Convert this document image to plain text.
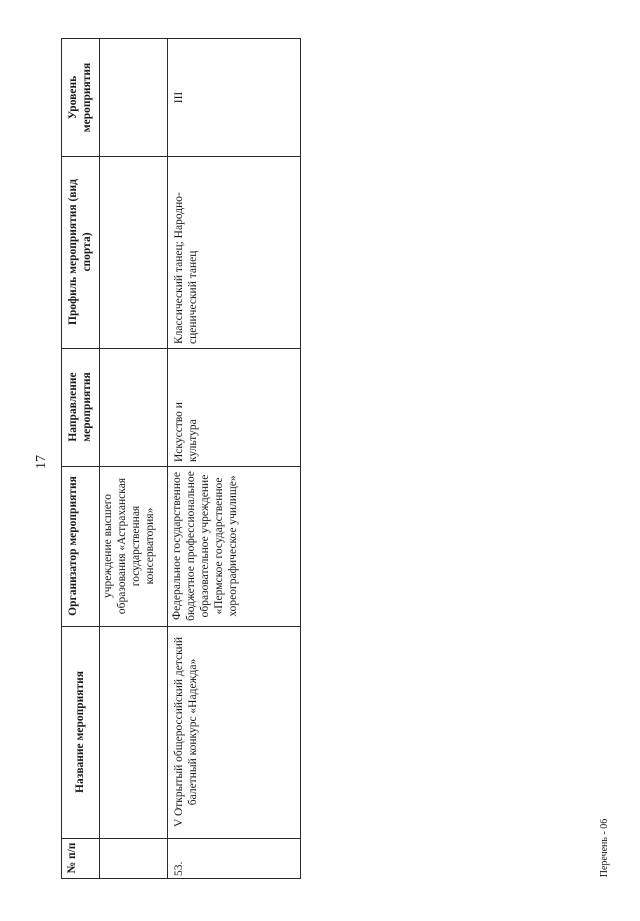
17
№ п/п
Название мероприятия
Организатор мероприятия
Направление мероприятия
Профиль мероприятия (вид спорта)
Уровень мероприятия
учреждение высшего образования «Астраханская государственная консерватория»
53.
V Открытый общероссийский детский балетный конкурс «Надежда»
Федеральное государственное бюджетное профессиональное образовательное учреждение «Пермское государственное хореографическое училище»
Искусство и культура
Классический танец; Народно-сценический танец
III
Перечень - 06
